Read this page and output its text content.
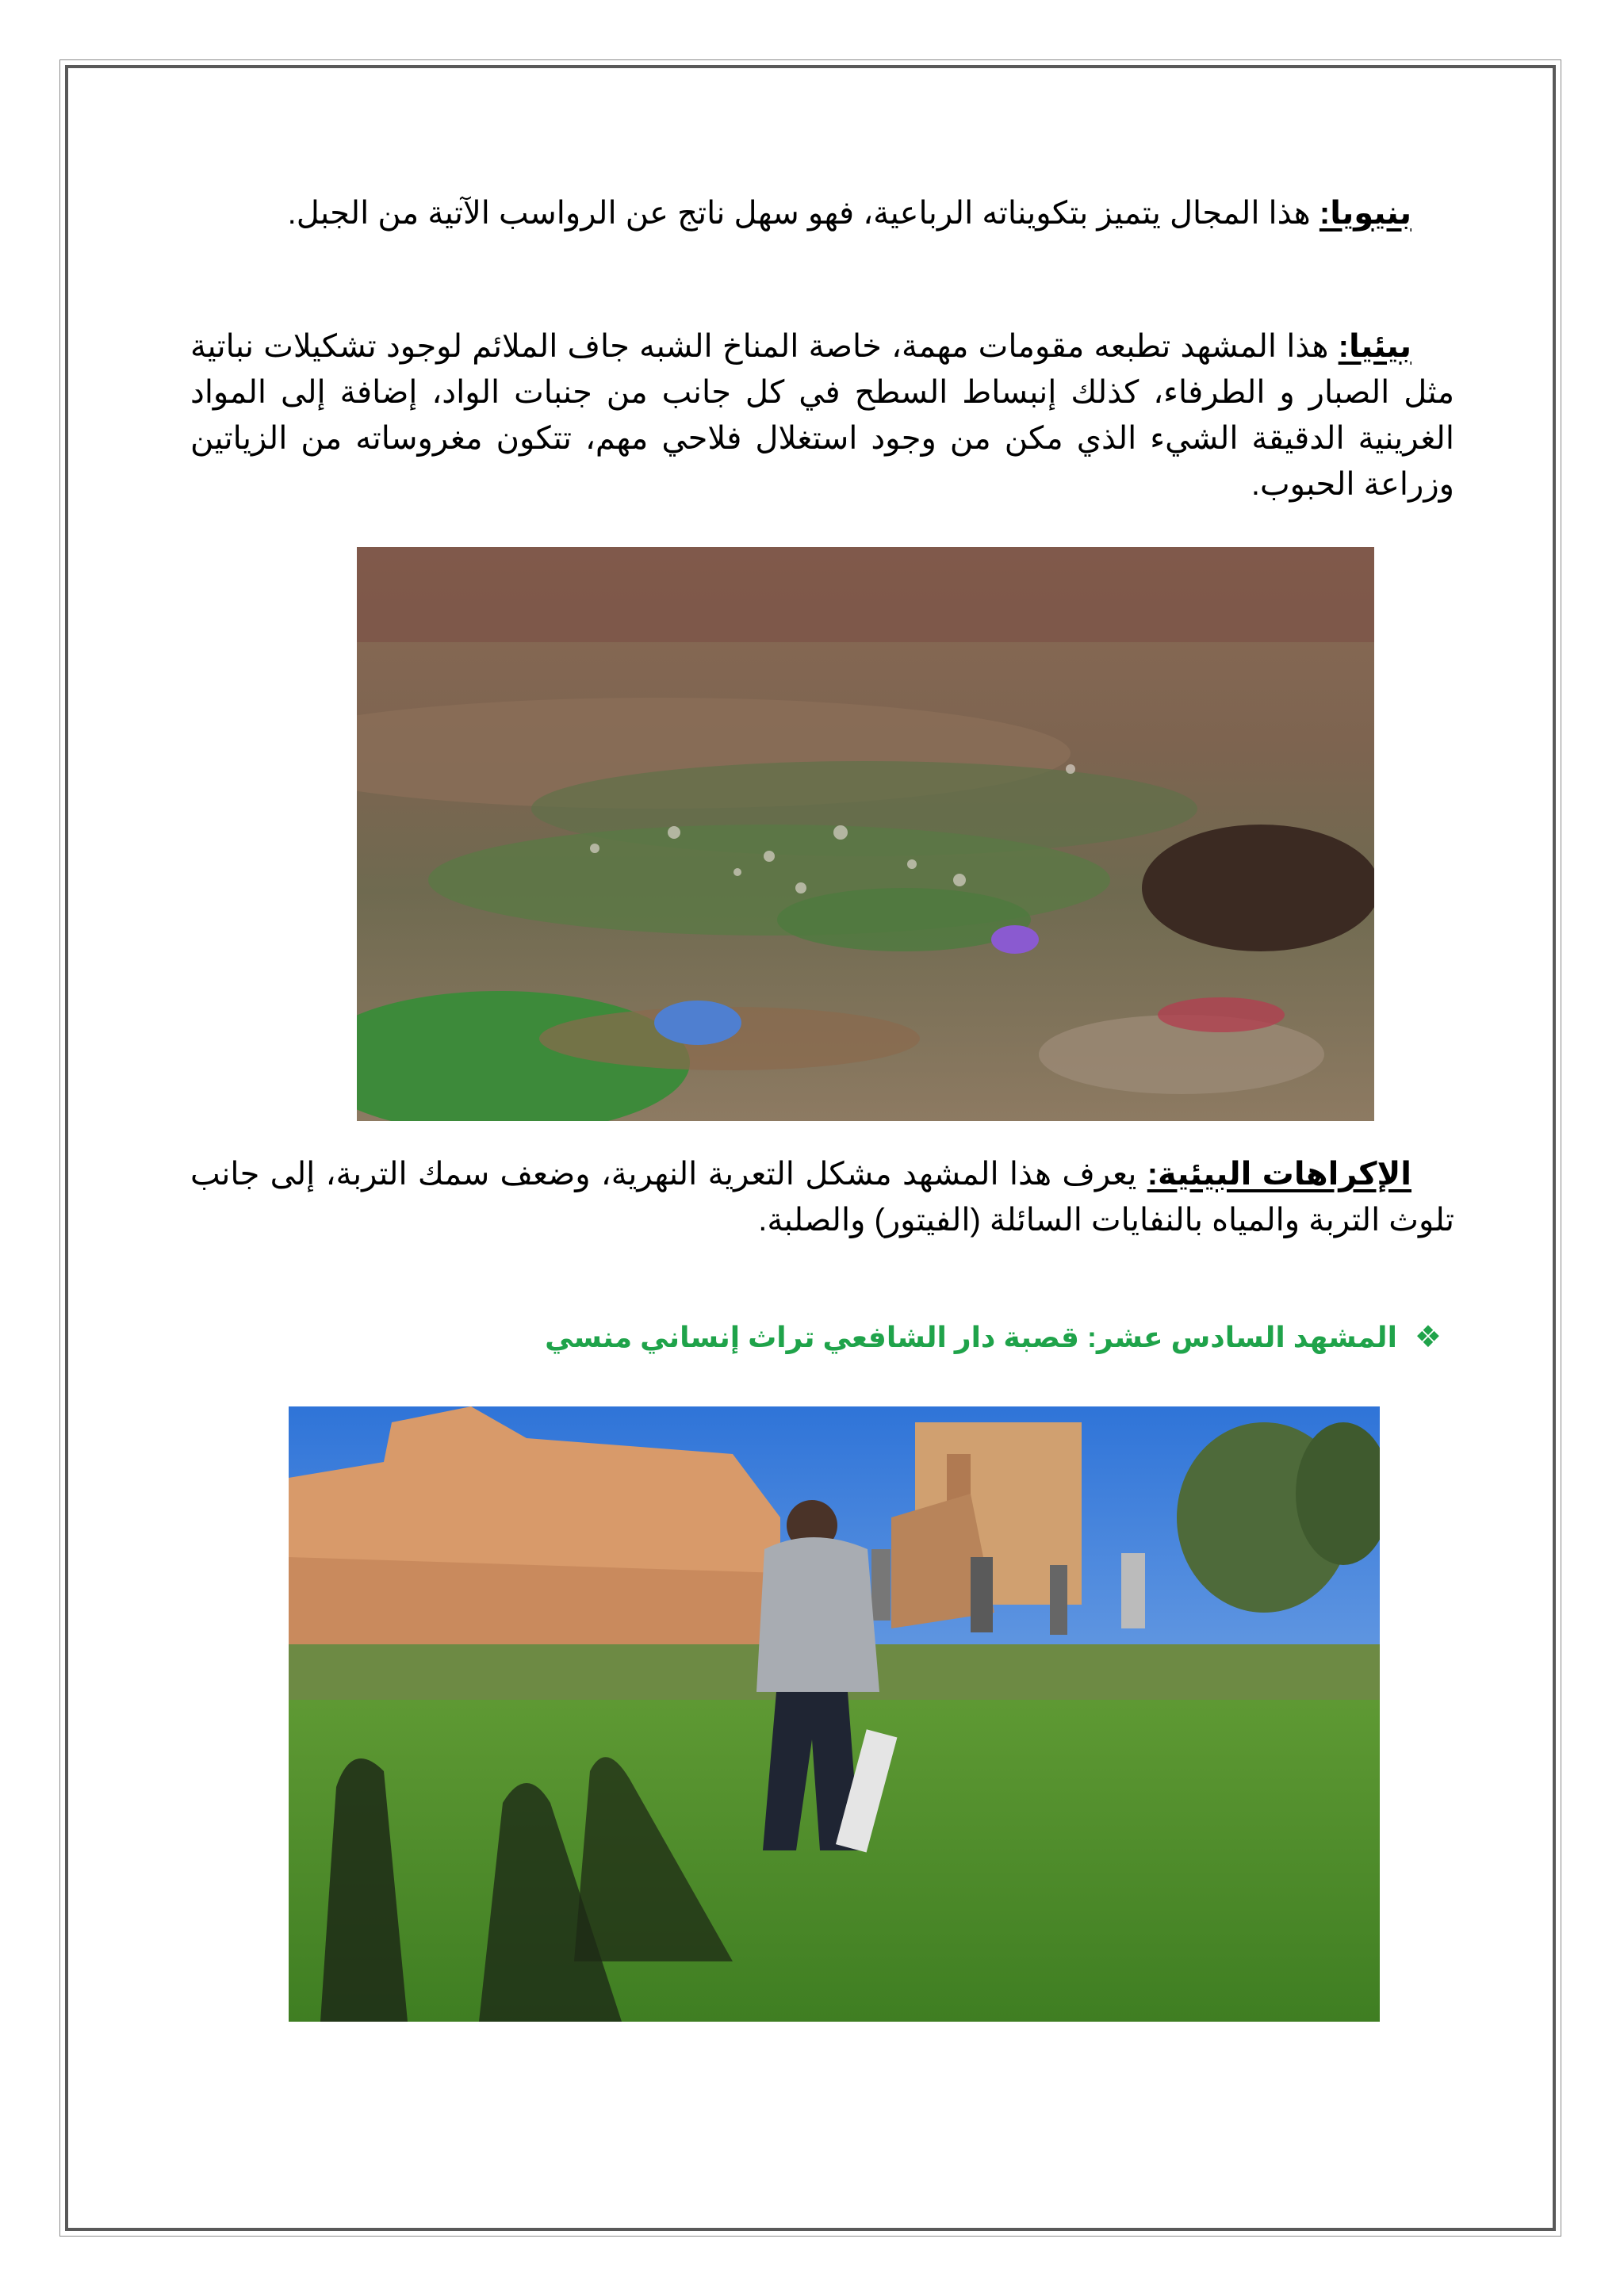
بنيويا: هذا المجال يتميز بتكويناته الرباعية، فهو سهل ناتج عن الرواسب الآتية من الجبل.

بيئيا: هذا المشهد تطبعه مقومات مهمة، خاصة المناخ الشبه جاف الملائم لوجود تشكيلات نباتية مثل الصبار و الطرفاء، كذلك إنبساط السطح في كل جانب من جنبات الواد، إضافة إلى المواد الغرينية الدقيقة الشيء الذي مكن من وجود استغلال فلاحي مهم، تتكون مغروساته من الزياتين وزراعة الحبوب.

الإكراهات البيئية: يعرف هذا المشهد مشكل التعرية النهرية، وضعف سمك التربة، إلى جانب تلوث التربة والمياه بالنفايات السائلة (الفيتور) والصلبة.

❖
المشهد السادس عشر: قصبة دار الشافعي تراث إنساني منسي
